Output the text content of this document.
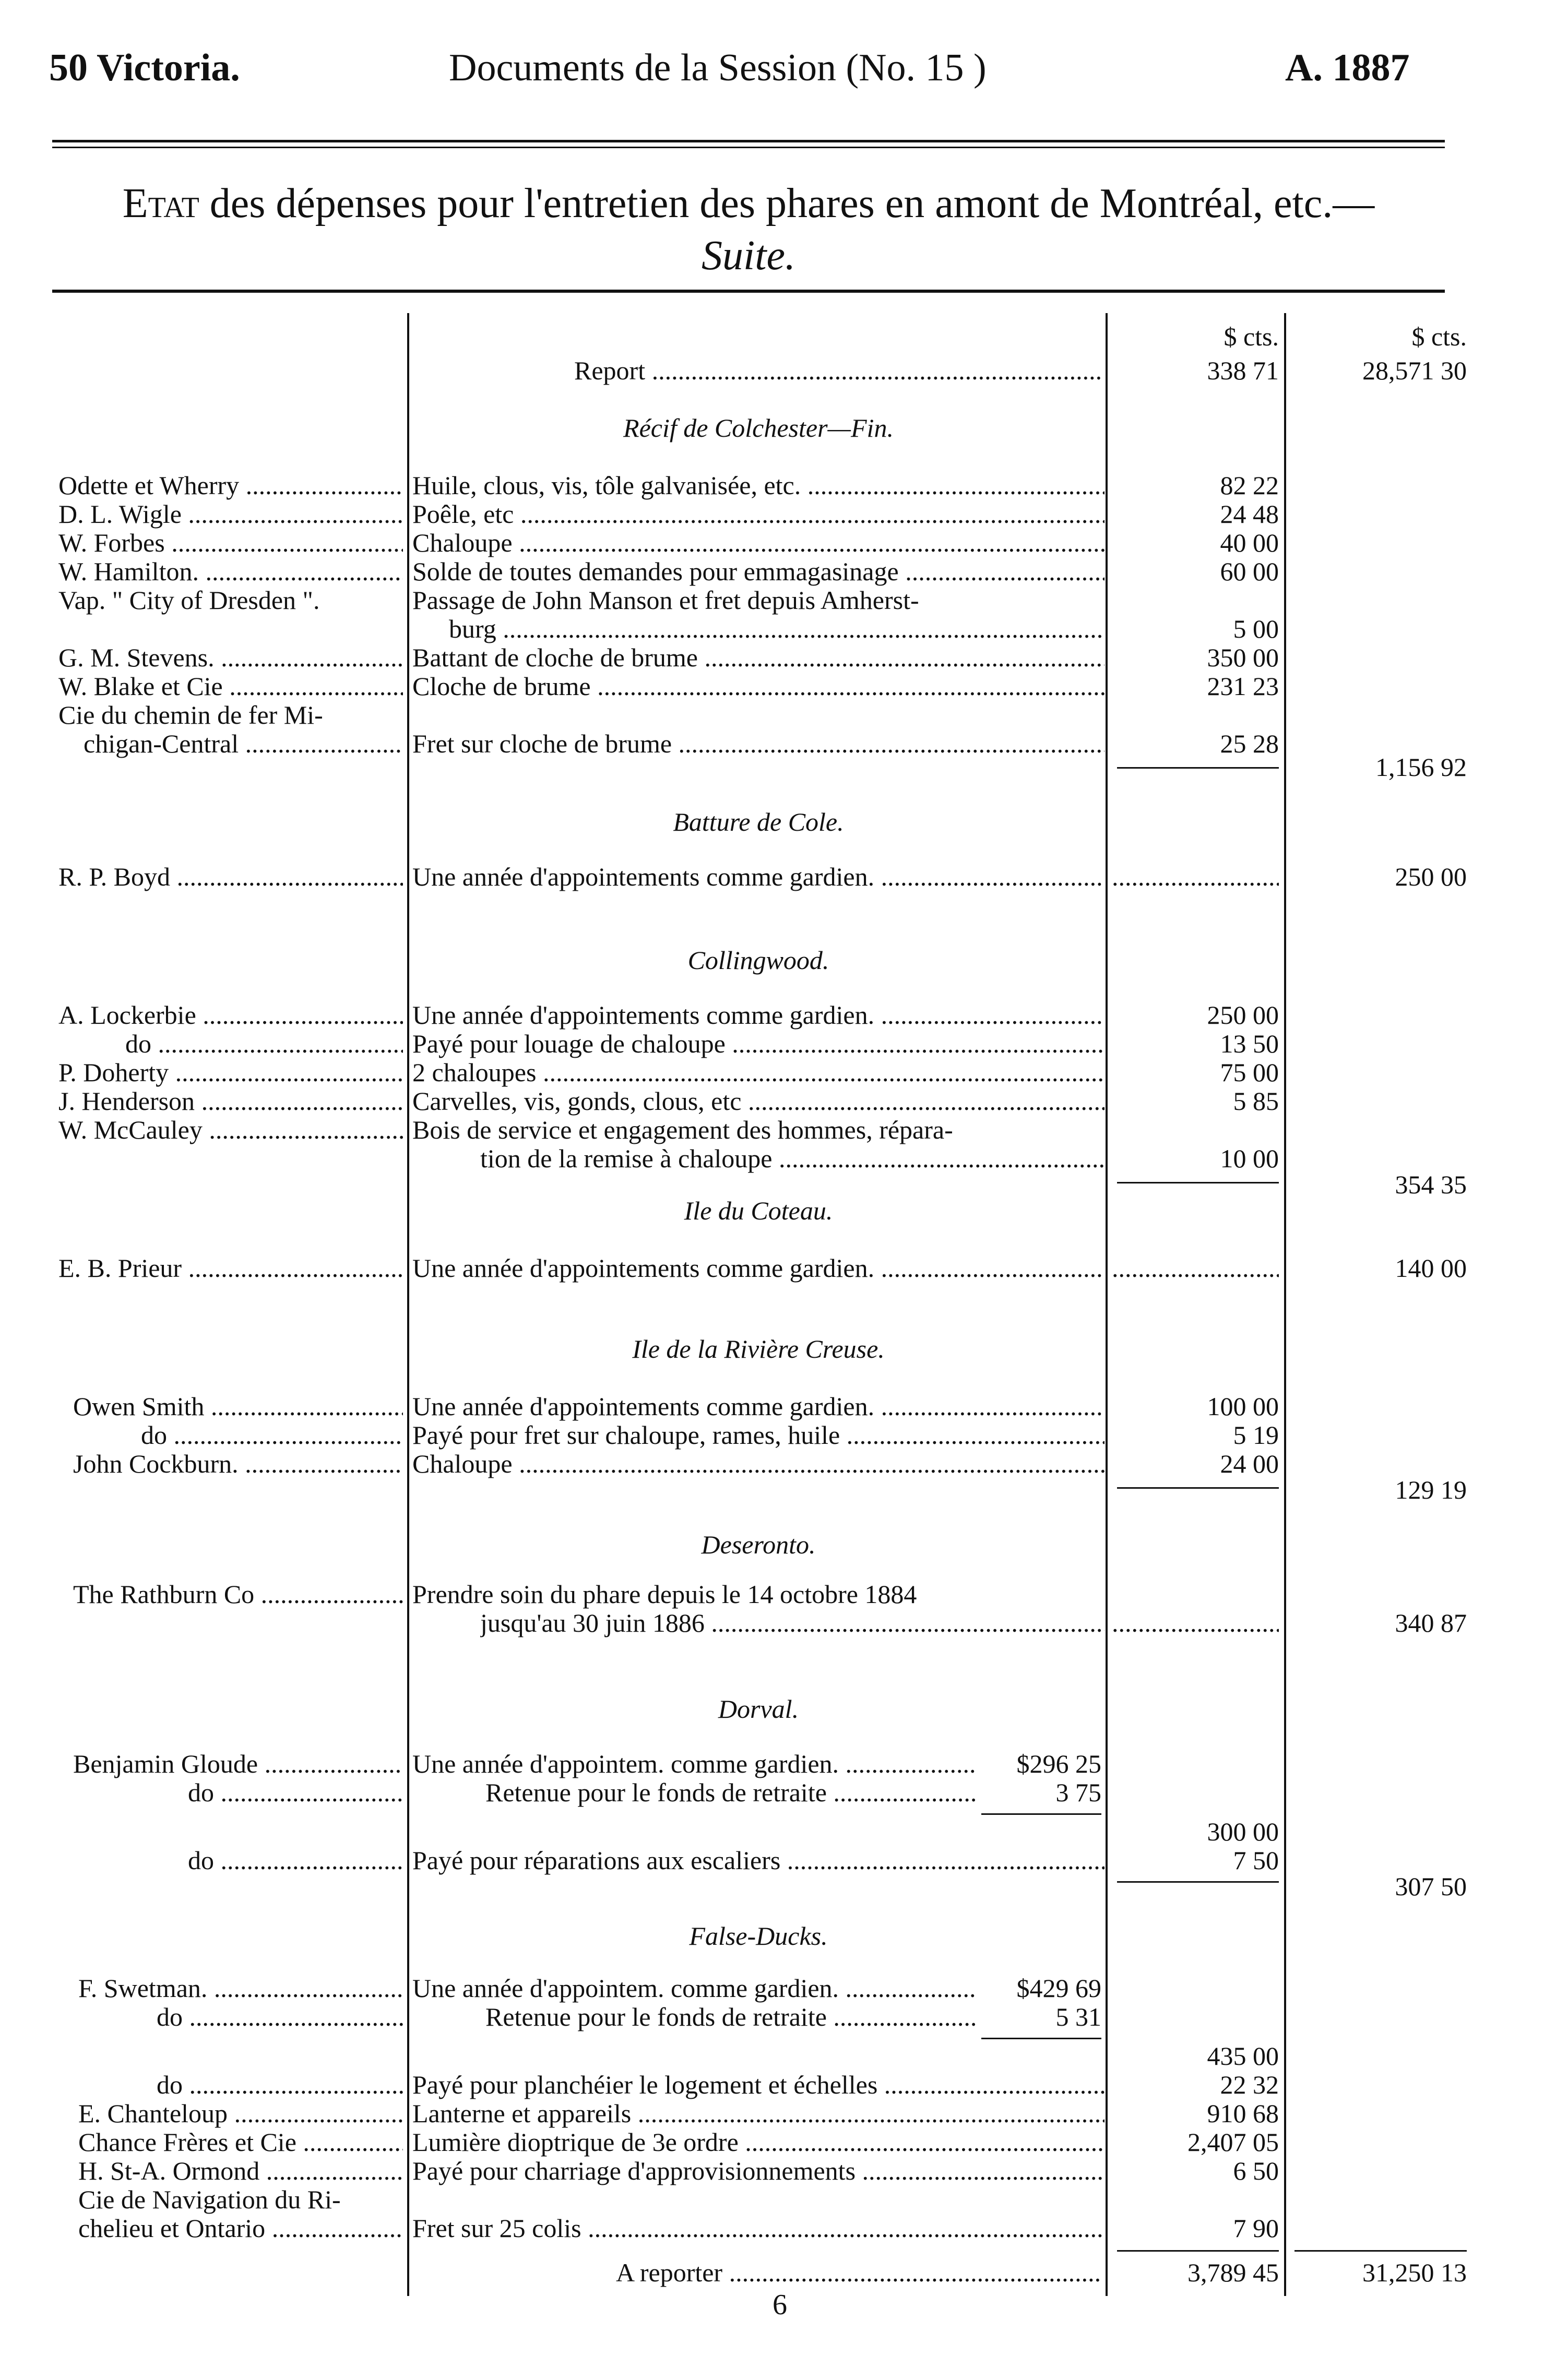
50 Victoria.	Documents de la Session (No. 15 )	A. 1887
Etat des dépenses pour l'entretien des phares en amont de Montréal, etc.—
Suite.
$ cts.	$ cts.
Report .....	338 71	28,571 30
Récif de Colchester—Fin.
Odette et Wherry .....	Huile, clous, vis, tôle galvanisée, etc. .....	82 22
D. L. Wigle .....	Poêle, etc .....	24 48
W. Forbes .....	Chaloupe .....	40 00
W. Hamilton. .....	Solde de toutes demandes pour emmagasinage .....	60 00
Vap. " City of Dresden ".	Passage de John Manson et fret depuis Amherst-
burg .....	5 00
G. M. Stevens. .....	Battant de cloche de brume .....	350 00
W. Blake et Cie .....	Cloche de brume .....	231 23
Cie du chemin de fer Mi-
chigan-Central .....	Fret sur cloche de brume .....	25 28
1,156 92
Batture de Cole.
R. P. Boyd .....	Une année d'appointements comme gardien. ..... .....	250 00
Collingwood.
A. Lockerbie .....	Une année d'appointements comme gardien. .....	250 00
do .....	Payé pour louage de chaloupe .....	13 50
P. Doherty .....	2 chaloupes .....	75 00
J. Henderson .....	Carvelles, vis, gonds, clous, etc .....	5 85
W. McCauley .....	Bois de service et engagement des hommes, répara-
tion de la remise à chaloupe .....	10 00
354 35
Ile du Coteau.
E. B. Prieur .....	Une année d'appointements comme gardien. ..... .....	140 00
Ile de la Rivière Creuse.
Owen Smith .....	Une année d'appointements comme gardien. .....	100 00
do .....	Payé pour fret sur chaloupe, rames, huile .....	5 19
John Cockburn. .....	Chaloupe .....	24 00
129 19
Deseronto.
The Rathburn Co .....	Prendre soin du phare depuis le 14 octobre 1884
jusqu'au 30 juin 1886 ..... .....	340 87
Dorval.
Benjamin Gloude .....	Une année d'appointem. comme gardien. .....	$296 25
do .....	Retenue pour le fonds de retraite .....	3 75
300 00
do .....	Payé pour réparations aux escaliers .....	7 50
307 50
False-Ducks.
F. Swetman. .....	Une année d'appointem. comme gardien. .....	$429 69
do .....	Retenue pour le fonds de retraite .....	5 31
435 00
do .....	Payé pour planchéier le logement et échelles .....	22 32
E. Chanteloup .....	Lanterne et appareils .....	910 68
Chance Frères et Cie .....	Lumière dioptrique de 3e ordre .....	2,407 05
H. St-A. Ormond .....	Payé pour charriage d'approvisionnements .....	6 50
Cie de Navigation du Ri-
chelieu et Ontario .....	Fret sur 25 colis .....	7 90
A reporter .....	3,789 45	31,250 13
6
